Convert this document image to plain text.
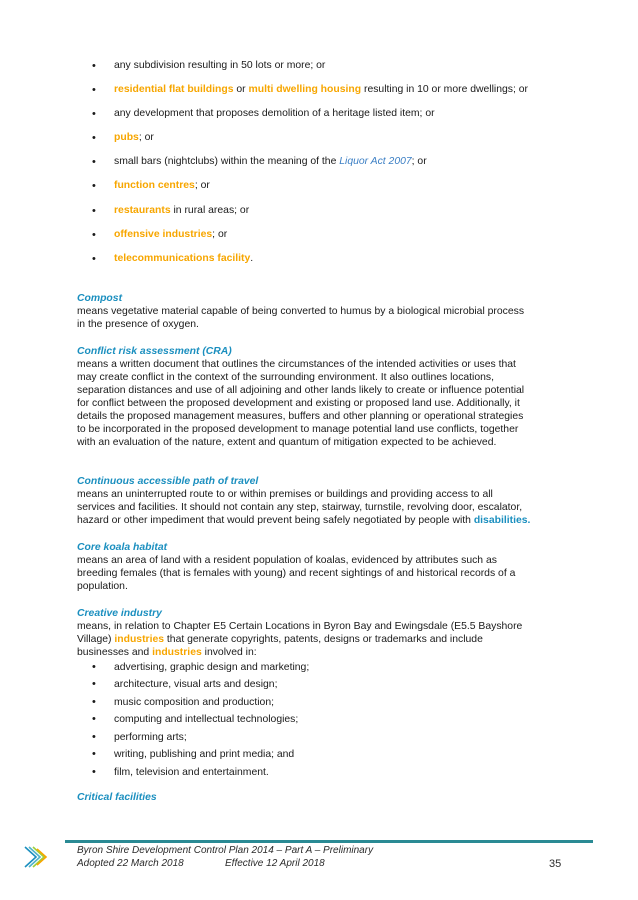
• any subdivision resulting in 50 lots or more; or
• residential flat buildings or multi dwelling housing resulting in 10 or more dwellings; or
• any development that proposes demolition of a heritage listed item; or
• pubs; or
• small bars (nightclubs) within the meaning of the Liquor Act 2007; or
• function centres; or
• restaurants in rural areas; or
• offensive industries; or
• telecommunications facility.

Compost

means vegetative material capable of being converted to humus by a biological microbial process
in the presence of oxygen.

Conflict risk assessment (CRA)

means a written document that outlines the circumstances of the intended activities or uses that
may create conflict in the context of the surrounding environment. It also outlines locations,
separation distances and use of all adjoining and other lands likely to create or influence potential
for conflict between the proposed development and existing or proposed land use. Additionally, it
details the proposed management measures, buffers and other planning or operational strategies
to be incorporated in the proposed development to manage potential land use conflicts, together
with an evaluation of the nature, extent and quantum of mitigation expected to be achieved.

Continuous accessible path of travel

means an uninterrupted route to or within premises or buildings and providing access to all
services and facilities. It should not contain any step, stairway, turnstile, revolving door, escalator,
hazard or other impediment that would prevent being safely negotiated by people with disabilities.

Core koala habitat

means an area of land with a resident population of koalas, evidenced by attributes such as
breeding females (that is females with young) and recent sightings of and historical records of a
population.

Creative industry

means, in relation to Chapter E5 Certain Locations in Byron Bay and Ewingsdale (E5.5 Bayshore
Village) industries that generate copyrights, patents, designs or trademarks and include
businesses and industries involved in:

• advertising, graphic design and marketing;
• architecture, visual arts and design;
• music composition and production;
• computing and intellectual technologies;
• performing arts;
• writing, publishing and print media; and
• film, television and entertainment.

Critical facilities

Byron Shire Development Control Plan 2014 – Part A – Preliminary
Adopted 22 March 2018	Effective 12 April 2018	35
